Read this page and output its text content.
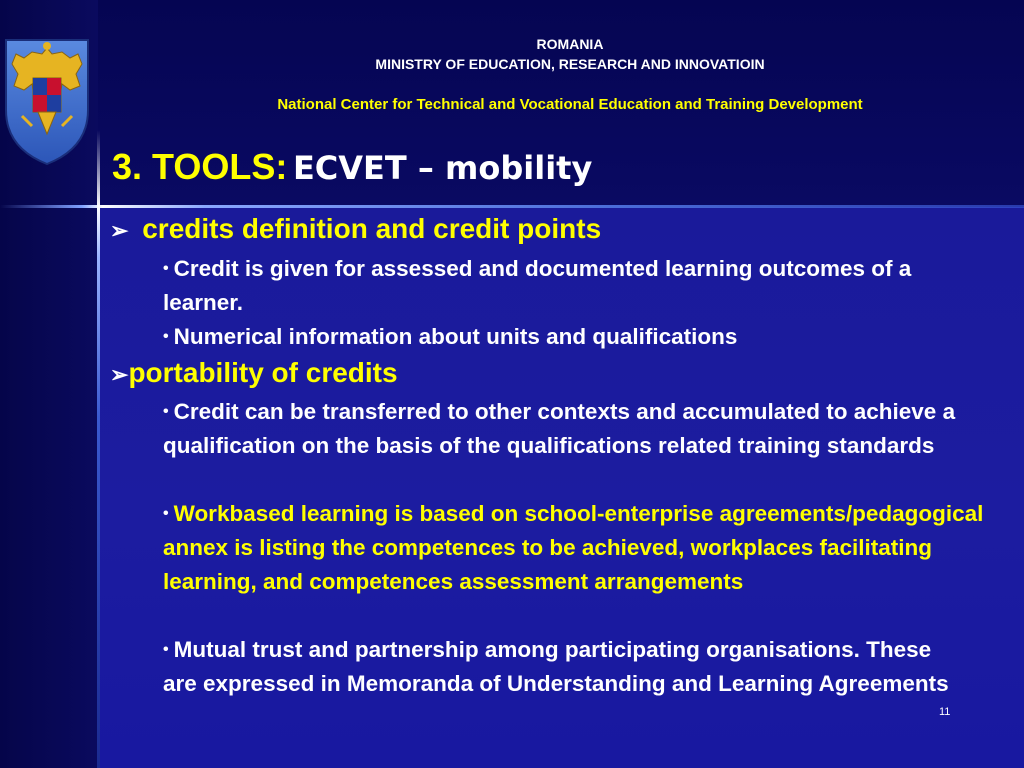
ROMANIA
MINISTRY OF EDUCATION, RESEARCH AND INNOVATIOIN
National Center for Technical and Vocational Education and Training Development
3. TOOLS: ECVET – mobility
➢ credits definition and credit points
• Credit is given for assessed and documented learning outcomes of a learner.
• Numerical information about units and qualifications
➢portability of credits
• Credit can be transferred to other contexts and accumulated to achieve a qualification on the basis of the qualifications related training standards
• Workbased learning is based on school-enterprise agreements/pedagogical annex is listing the competences to be achieved, workplaces facilitating learning, and competences assessment arrangements
• Mutual trust and partnership among participating organisations. These are expressed in Memoranda of Understanding and Learning Agreements
11
